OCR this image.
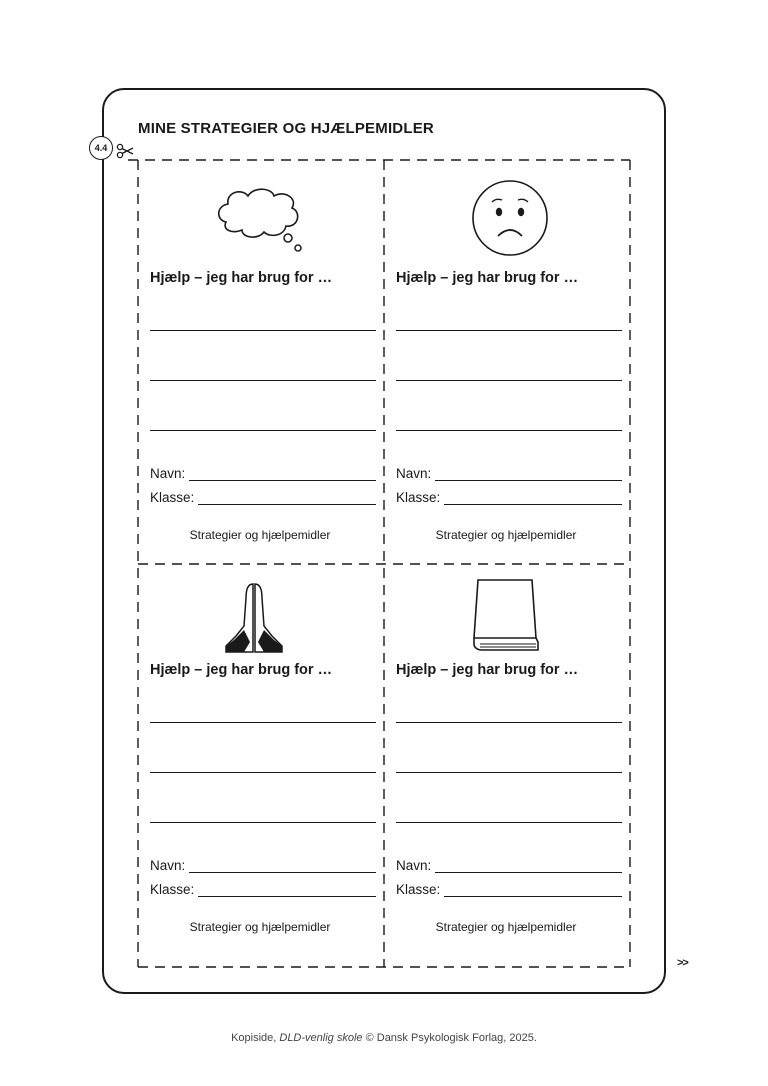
MINE STRATEGIER OG HJÆLPEMIDLER
4.4
Hjælp – jeg har brug for …
Navn:
Klasse:
Strategier og hjælpemidler
Hjælp – jeg har brug for …
Navn:
Klasse:
Strategier og hjælpemidler
Hjælp – jeg har brug for …
Navn:
Klasse:
Strategier og hjælpemidler
Hjælp – jeg har brug for …
Navn:
Klasse:
Strategier og hjælpemidler
>>
Kopiside, DLD-venlig skole © Dansk Psykologisk Forlag, 2025.
